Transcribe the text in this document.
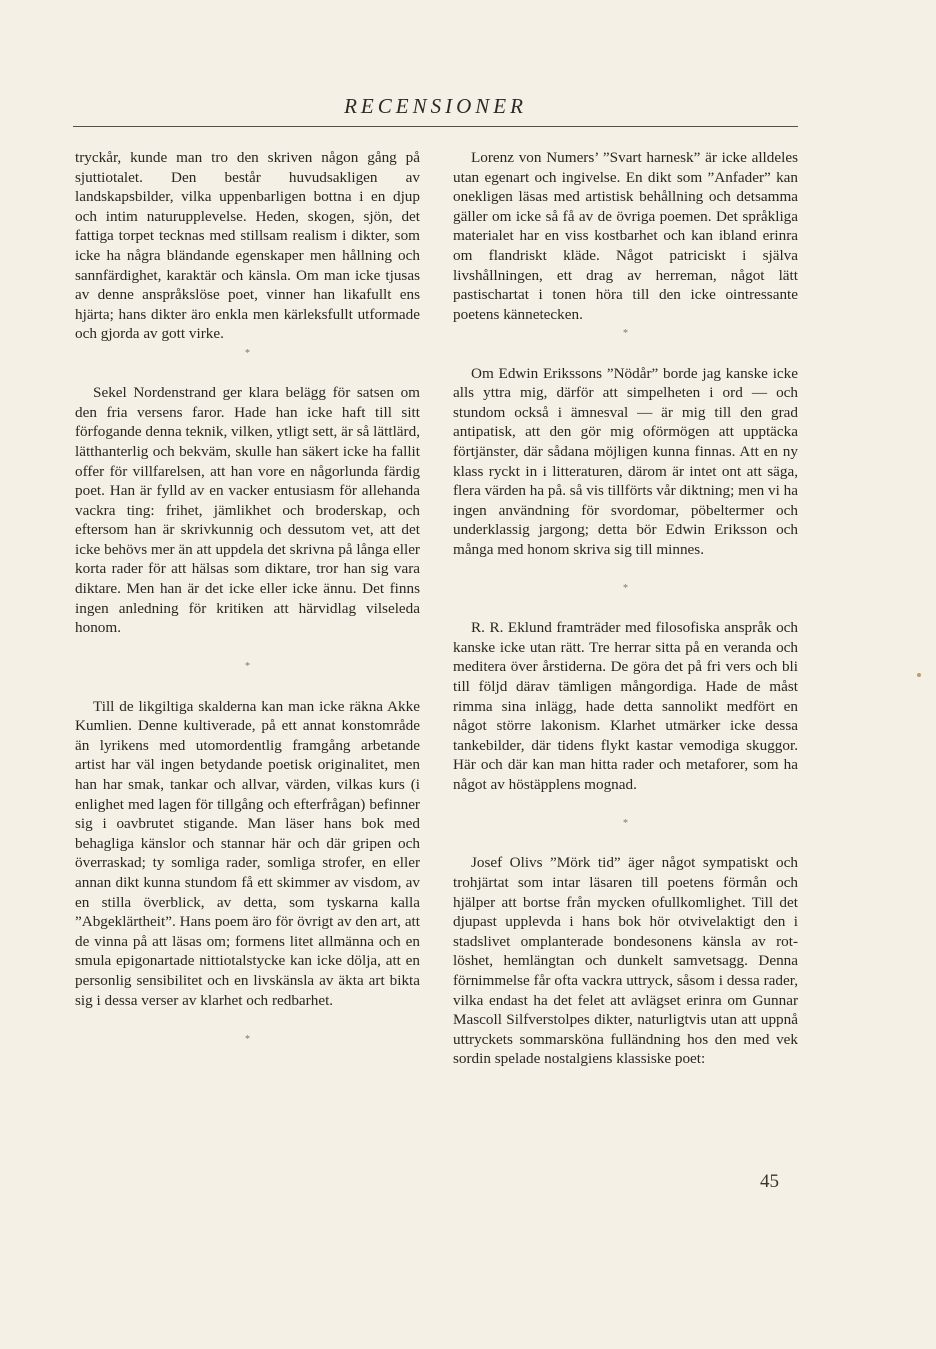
RECENSIONER

tryckår, kunde man tro den skriven någon gång på sjuttiotalet. Den består huvudsakligen av landskapsbilder, vilka uppenbarligen bottna i en djup och intim naturupplevelse. Heden, skogen, sjön, det fattiga torpet tecknas med stillsam realism i dikter, som icke ha några bländande egenskaper men hållning och sannfärdighet, karaktär och känsla. Om man icke tjusas av denne anspråkslöse poet, vinner han likafullt ens hjärta; hans dikter äro enkla men kärleksfullt utformade och gjorda av gott virke.

*

Sekel Nordenstrand ger klara belägg för satsen om den fria versens faror. Hade han icke haft till sitt förfogande denna teknik, vilken, ytligt sett, är så lättlärd, lätthanterlig och bekväm, skulle han säkert icke ha fallit offer för villfarelsen, att han vore en någorlunda färdig poet. Han är fylld av en vacker entusiasm för allehanda vackra ting: frihet, jämlikhet och broderskap, och eftersom han är skrivkunnig och dessutom vet, att det icke behövs mer än att uppdela det skrivna på långa eller korta rader för att hälsas som diktare, tror han sig vara diktare. Men han är det icke eller icke ännu. Det finns ingen anledning för kritiken att härvidlag vilseleda honom.

*

Till de likgiltiga skalderna kan man icke räkna Akke Kumlien. Denne kultiverade, på ett annat konstområde än lyrikens med utomordentlig framgång arbetande artist har väl ingen betydande poetisk originalitet, men han har smak, tankar och allvar, värden, vilkas kurs (i enlighet med lagen för tillgång och efterfrågan) befinner sig i oavbrutet stigande. Man läser hans bok med behagliga känslor och stannar här och där gripen och överraskad; ty somliga rader, somliga strofer, en eller annan dikt kunna stundom få ett skimmer av visdom, av en stilla överblick, av detta, som tyskarna kalla ”Abgeklärtheit”. Hans poem äro för övrigt av den art, att de vinna på att läsas om; formens litet allmänna och en smula epigonartade nittiotalstycke kan icke dölja, att en personlig sensibilitet och en livskänsla av äkta art bikta sig i dessa verser av klarhet och redbarhet.

*

Lorenz von Numers’ ”Svart harnesk” är icke alldeles utan egenart och ingivelse. En dikt som ”Anfader” kan onekligen läsas med artistisk behållning och detsamma gäller om icke så få av de övriga poemen. Det språkliga materialet har en viss kostbarhet och kan ibland erinra om flandriskt kläde. Något patriciskt i själva livshållningen, ett drag av herreman, något lätt pastischartat i tonen höra till den icke ointressante poetens kännetecken.

*

Om Edwin Erikssons ”Nödår” borde jag kanske icke alls yttra mig, därför att simpelheten i ord — och stundom också i ämnesval — är mig till den grad antipatisk, att den gör mig oförmögen att upptäcka förtjänster, där sådana möjligen kunna finnas. Att en ny klass ryckt in i litteraturen, därom är intet ont att säga, flera värden ha på. så vis tillförts vår diktning; men vi ha ingen användning för svordomar, pöbeltermer och underklassig jargong; detta bör Edwin Eriksson och många med honom skriva sig till minnes.

*

R. R. Eklund framträder med filosofiska anspråk och kanske icke utan rätt. Tre herrar sitta på en veranda och meditera över årstiderna. De göra det på fri vers och bli till följd därav tämligen mångordiga. Hade de måst rimma sina inlägg, hade detta sannolikt medfört en något större lakonism. Klarhet utmärker icke dessa tankebilder, där tidens flykt kastar vemodiga skuggor. Här och där kan man hitta rader och metaforer, som ha något av höstäpplens mognad.

*

Josef Olivs ”Mörk tid” äger något sympatiskt och trohjärtat som intar läsaren till poetens förmån och hjälper att bortse från mycken ofullkomlighet. Till det djupast upplevda i hans bok hör otvivelaktigt den i stadslivet omplanterade bondesonens känsla av rotlöshet, hemlängtan och dunkelt samvetsagg. Denna förnimmelse får ofta vackra uttryck, såsom i dessa rader, vilka endast ha det felet att avlägset erinra om Gunnar Mascoll Silfverstolpes dikter, naturligtvis utan att uppnå uttryckets sommarsköna fulländning hos den med vek sordin spelade nostalgiens klassiske poet:

45
